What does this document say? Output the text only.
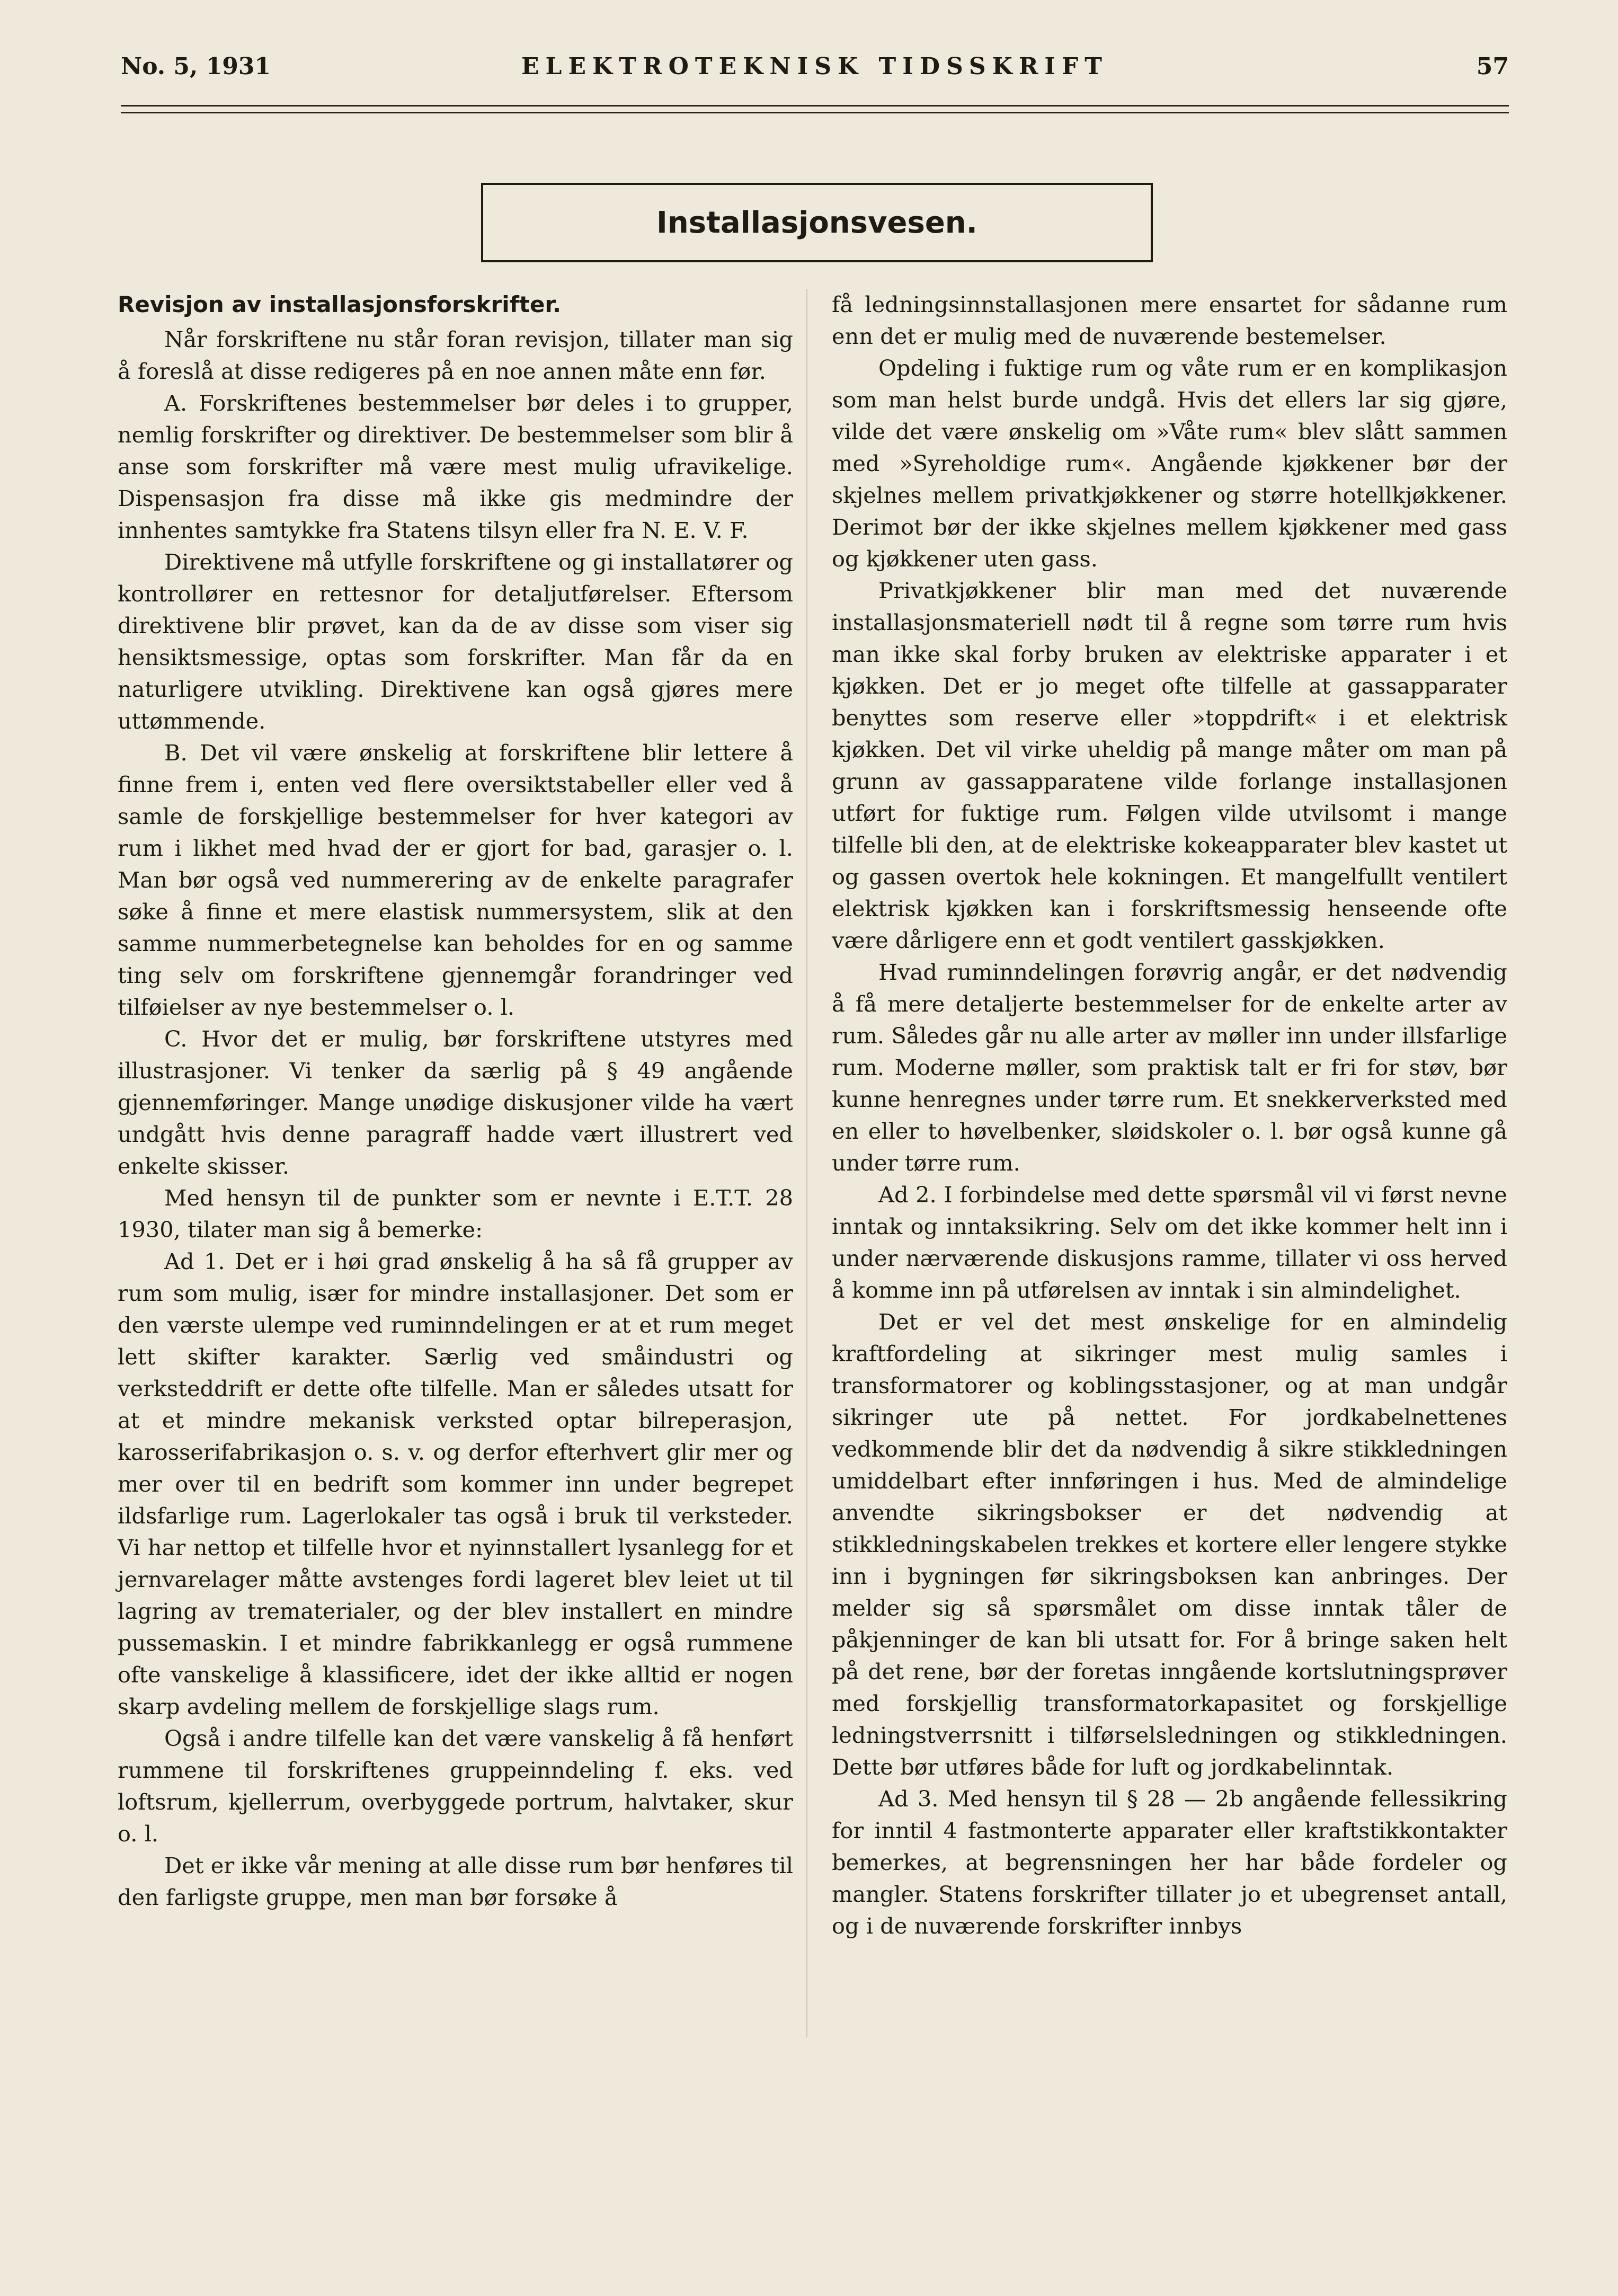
No. 5, 1931	ELEKTROTEKNISK TIDSSKRIFT	57
Installasjonsvesen.
Revisjon av installasjonsforskrifter.

Når forskriftene nu står foran revisjon, tillater man sig å foreslå at disse redigeres på en noe annen måte enn før.

A. Forskriftenes bestemmelser bør deles i to grupper, nemlig forskrifter og direktiver. De bestemmelser som blir å anse som forskrifter må være mest mulig ufravikelige. Dispensasjon fra disse må ikke gis medmindre der innhentes samtykke fra Statens tilsyn eller fra N. E. V. F.

Direktivene må utfylle forskriftene og gi installatører og kontrollører en rettesnor for detaljutførelser. Eftersom direktivene blir prøvet, kan da de av disse som viser sig hensiktsmessige, optas som forskrifter. Man får da en naturligere utvikling. Direktivene kan også gjøres mere uttømmende.

B. Det vil være ønskelig at forskriftene blir lettere å finne frem i, enten ved flere oversiktstabeller eller ved å samle de forskjellige bestemmelser for hver kategori av rum i likhet med hvad der er gjort for bad, garasjer o. l. Man bør også ved nummerering av de enkelte paragrafer søke å finne et mere elastisk nummersystem, slik at den samme nummerbetegnelse kan beholdes for en og samme ting selv om forskriftene gjennemgår forandringer ved tilføielser av nye bestemmelser o. l.

C. Hvor det er mulig, bør forskriftene utstyres med illustrasjoner. Vi tenker da særlig på § 49 angående gjennemføringer. Mange unødige diskusjoner vilde ha vært undgått hvis denne paragraff hadde vært illustrert ved enkelte skisser.

Med hensyn til de punkter som er nevnte i E.T.T. 28 1930, tilater man sig å bemerke:

Ad 1. Det er i høi grad ønskelig å ha så få grupper av rum som mulig, især for mindre installasjoner. Det som er den værste ulempe ved ruminndelingen er at et rum meget lett skifter karakter. Særlig ved småindustri og verksteddrift er dette ofte tilfelle. Man er således utsatt for at et mindre mekanisk verksted optar bilreperasjon, karosserifabrikasjon o. s. v. og derfor efterhvert glir mer og mer over til en bedrift som kommer inn under begrepet ildsfarlige rum. Lagerlokaler tas også i bruk til verksteder. Vi har nettop et tilfelle hvor et nyinnstallert lysanlegg for et jernvarelager måtte avstenges fordi lageret blev leiet ut til lagring av trematerialer, og der blev installert en mindre pussemaskin. I et mindre fabrikkanlegg er også rummene ofte vanskelige å klassificere, idet der ikke alltid er nogen skarp avdeling mellem de forskjellige slags rum.

Også i andre tilfelle kan det være vanskelig å få henført rummene til forskriftenes gruppeinndeling f. eks. ved loftsrum, kjellerrum, overbyggede portrum, halvtaker, skur o. l.

Det er ikke vår mening at alle disse rum bør henføres til den farligste gruppe, men man bør forsøke å

få ledningsinnstallasjonen mere ensartet for sådanne rum enn det er mulig med de nuværende bestemelser.

Opdeling i fuktige rum og våte rum er en komplikasjon som man helst burde undgå. Hvis det ellers lar sig gjøre, vilde det være ønskelig om »Våte rum« blev slått sammen med »Syreholdige rum«. Angående kjøkkener bør der skjelnes mellem privatkjøkkener og større hotellkjøkkener. Derimot bør der ikke skjelnes mellem kjøkkener med gass og kjøkkener uten gass.

Privatkjøkkener blir man med det nuværende installasjonsmateriell nødt til å regne som tørre rum hvis man ikke skal forby bruken av elektriske apparater i et kjøkken. Det er jo meget ofte tilfelle at gassapparater benyttes som reserve eller »toppdrift« i et elektrisk kjøkken. Det vil virke uheldig på mange måter om man på grunn av gassapparatene vilde forlange installasjonen utført for fuktige rum. Følgen vilde utvilsomt i mange tilfelle bli den, at de elektriske kokeapparater blev kastet ut og gassen overtok hele kokningen. Et mangelfullt ventilert elektrisk kjøkken kan i forskriftsmessig henseende ofte være dårligere enn et godt ventilert gasskjøkken.

Hvad ruminndelingen forøvrig angår, er det nødvendig å få mere detaljerte bestemmelser for de enkelte arter av rum. Således går nu alle arter av møller inn under illsfarlige rum. Moderne møller, som praktisk talt er fri for støv, bør kunne henregnes under tørre rum. Et snekkerverksted med en eller to høvelbenker, sløidskoler o. l. bør også kunne gå under tørre rum.

Ad 2. I forbindelse med dette spørsmål vil vi først nevne inntak og inntaksikring. Selv om det ikke kommer helt inn i under nærværende diskusjons ramme, tillater vi oss herved å komme inn på utførelsen av inntak i sin almindelighet.

Det er vel det mest ønskelige for en almindelig kraftfordeling at sikringer mest mulig samles i transformatorer og koblingsstasjoner, og at man undgår sikringer ute på nettet. For jordkabelnettenes vedkommende blir det da nødvendig å sikre stikkledningen umiddelbart efter innføringen i hus. Med de almindelige anvendte sikringsbokser er det nødvendig at stikkledningskabelen trekkes et kortere eller lengere stykke inn i bygningen før sikringsboksen kan anbringes. Der melder sig så spørsmålet om disse inntak tåler de påkjenninger de kan bli utsatt for. For å bringe saken helt på det rene, bør der foretas inngående kortslutningsprøver med forskjellig transformatorkapasitet og forskjellige ledningstverrsnitt i tilførselsledningen og stikkledningen. Dette bør utføres både for luft og jordkabelinntak.

Ad 3. Med hensyn til § 28 — 2b angående fellessikring for inntil 4 fastmonterte apparater eller kraftstikkontakter bemerkes, at begrensningen her har både fordeler og mangler. Statens forskrifter tillater jo et ubegrenset antall, og i de nuværende forskrifter innbys
